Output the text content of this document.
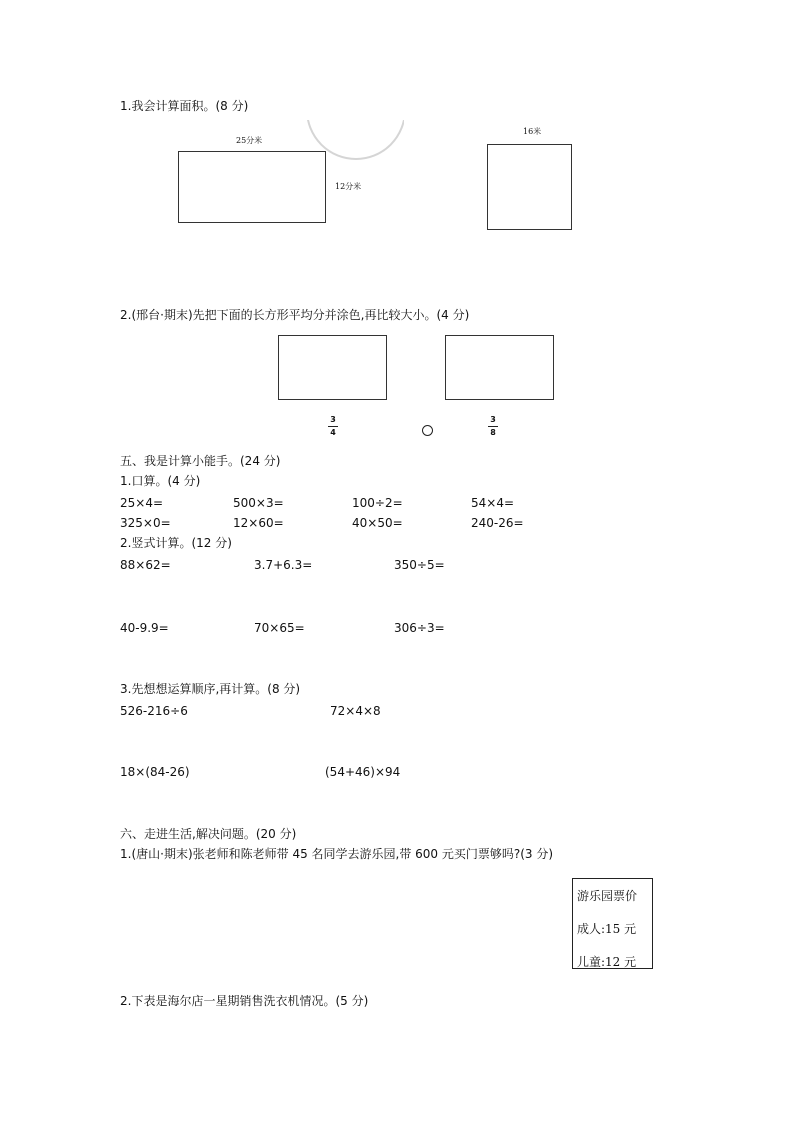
1.我会计算面积。(8 分)
25分米
12分米
16米
2.(邢台·期末)先把下面的长方形平均分并涂色,再比较大小。(4 分)
3
4
3
8
五、我是计算小能手。(24 分)
1.口算。(4 分)
25×4=	500×3=	100÷2=	54×4=
325×0=	12×60=	40×50=	240-26=
2.竖式计算。(12 分)
88×62=	3.7+6.3=	350÷5=
40-9.9=	70×65=	306÷3=
3.先想想运算顺序,再计算。(8 分)
526-216÷6	72×4×8
18×(84-26)	(54+46)×94
六、走进生活,解决问题。(20 分)
1.(唐山·期末)张老师和陈老师带 45 名同学去游乐园,带 600 元买门票够吗?(3 分)
游乐园票价
成人:15 元
儿童:12 元
2.下表是海尔店一星期销售洗衣机情况。(5 分)
